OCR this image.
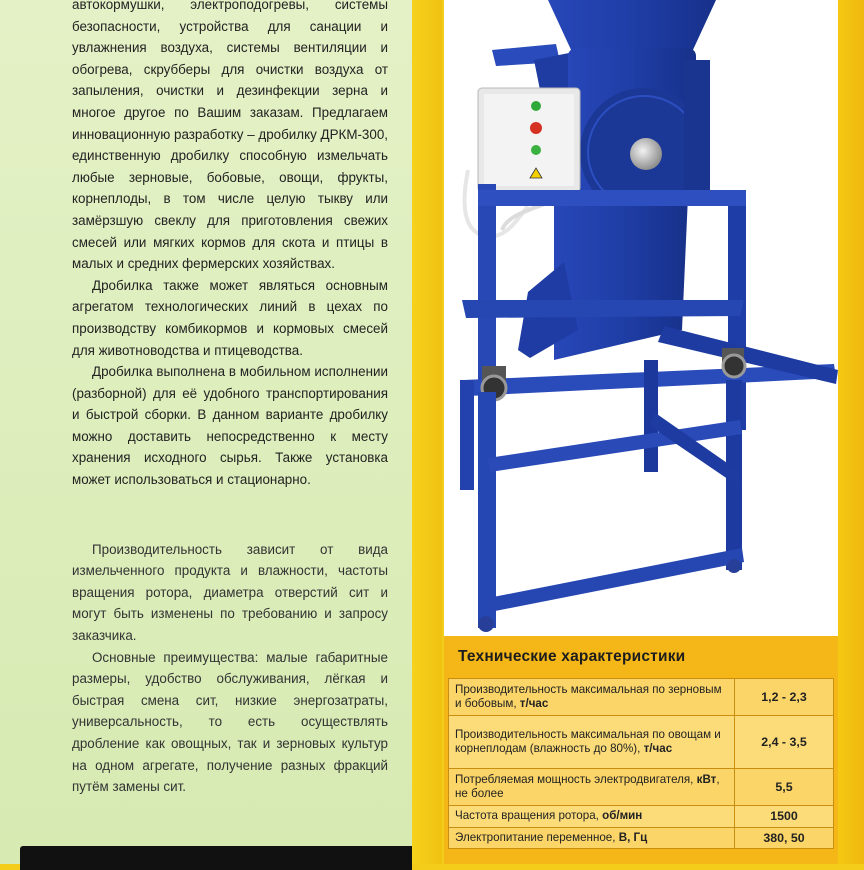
автокормушки, электроподогревы, системы безопасности, устройства для санации и увлажнения воздуха, системы вентиляции и обогрева, скрубберы для очистки воздуха от запыления, очистки и дезинфекции зерна и многое другое по Вашим заказам. Предлагаем инновационную разработку – дробилку ДРКМ-300, единственную дробилку способную измельчать любые зерновые, бобовые, овощи, фрукты, корнеплоды, в том числе целую тыкву или замёрзшую свеклу для приготовления свежих смесей или мягких кормов для скота и птицы в малых и средних фермерских хозяйствах.

Дробилка также может являться основным агрегатом технологических линий в цехах по производству комбикормов и кормовых смесей для животноводства и птицеводства.

Дробилка выполнена в мобильном исполнении (разборной) для её удобного транспортирования и быстрой сборки. В данном варианте дробилку можно доставить непосредственно к месту хранения исходного сырья. Также установка может использоваться и стационарно.

Производительность зависит от вида измельченного продукта и влажности, частоты вращения ротора, диаметра отверстий сит и могут быть изменены по требованию и запросу заказчика.

Основные преимущества: малые габаритные размеры, удобство обслуживания, лёгкая и быстрая смена сит, низкие энергозатраты, универсальность, то есть осуществлять дробление как овощных, так и зерновых культур на одном агрегате, получение разных фракций путём замены сит.

Технические характеристики
Производительность максимальная по зерновым и бобовым, т/час	1,2 - 2,3
Производительность максимальная по овощам и корнеплодам (влажность до 80%), т/час	2,4 - 3,5
Потребляемая мощность электродвигателя, кВт, не более	5,5
Частота вращения ротора, об/мин	1500
Электропитание переменное, В, Гц	380, 50
